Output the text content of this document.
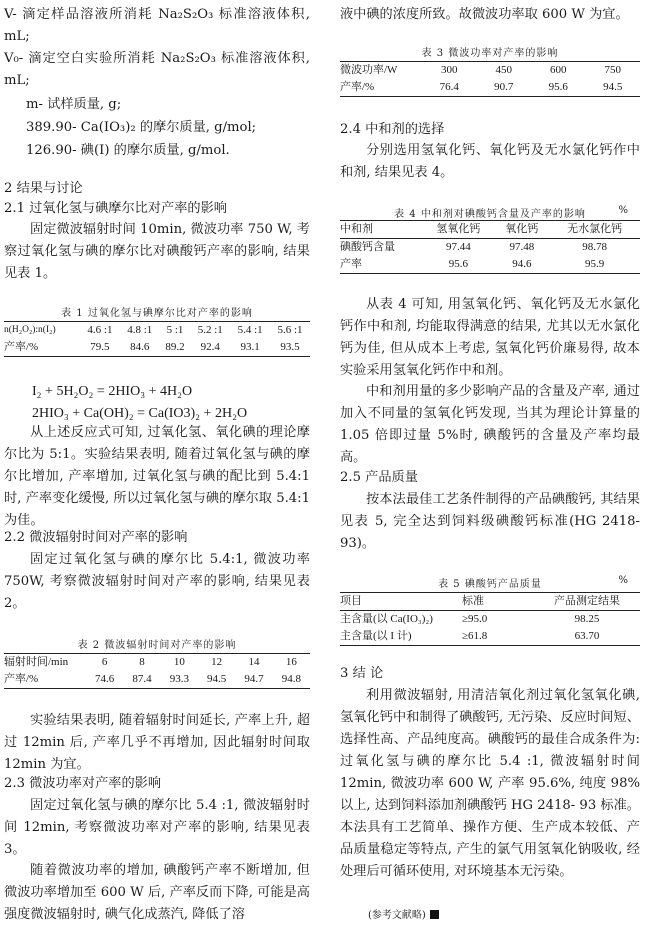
V- 滴定样品溶液所消耗 Na₂S₂O₃ 标准溶液体积, mL;
V₀- 滴定空白实验所消耗 Na₂S₂O₃ 标准溶液体积, mL;
m- 试样质量, g;
389.90- Ca(IO₃)₂ 的摩尔质量, g/mol;
126.90- 碘(I) 的摩尔质量, g/mol.
2 结果与讨论
2.1 过氧化氢与碘摩尔比对产率的影响
固定微波辐射时间 10min, 微波功率 750 W, 考察过氧化氢与碘的摩尔比对碘酸钙产率的影响, 结果见表 1。
表 1 过氧化氢与碘摩尔比对产率的影响
n(H₂O₂):n(I₂)	4.6 :1	4.8 :1	5 :1	5.2 :1	5.4 :1	5.6 :1
产率/%	79.5	84.6	89.2	92.4	93.1	93.5
I₂ + 5H₂O₂ = 2HIO₃ + 4H₂O
2HIO₃ + Ca(OH)₂ = Ca(IO3)₂ + 2H₂O
从上述反应式可知, 过氧化氢、氧化碘的理论摩尔比为 5:1。实验结果表明, 随着过氧化氢与碘的摩尔比增加, 产率增加, 过氧化氢与碘的配比到 5.4:1 时, 产率变化缓慢, 所以过氧化氢与碘的摩尔取 5.4:1 为佳。
2.2 微波辐射时间对产率的影响
固定过氧化氢与碘的摩尔比 5.4:1, 微波功率750W, 考察微波辐射时间对产率的影响, 结果见表 2。
表 2 微波辐射时间对产率的影响
辐射时间/min	6	8	10	12	14	16
产率/%	74.6	87.4	93.3	94.5	94.7	94.8
实验结果表明, 随着辐射时间延长, 产率上升, 超过 12min 后, 产率几乎不再增加, 因此辐射时间取 12min 为宜。
2.3 微波功率对产率的影响
固定过氧化氢与碘的摩尔比 5.4 :1, 微波辐射时间 12min, 考察微波功率对产率的影响, 结果见表 3。
随着微波功率的增加, 碘酸钙产率不断增加, 但微波功率增加至 600 W 后, 产率反而下降, 可能是高强度微波辐射时, 碘气化成蒸汽, 降低了溶
液中碘的浓度所致。故微波功率取 600 W 为宜。
表 3 微波功率对产率的影响
微波功率/W	300	450	600	750
产率/%	76.4	90.7	95.6	94.5
2.4 中和剂的选择
分别选用氢氧化钙、氧化钙及无水氯化钙作中和剂, 结果见表 4。
表 4 中和剂对碘酸钙含量及产率的影响	%
中和剂	氢氧化钙	氧化钙	无水氯化钙
碘酸钙含量	97.44	97.48	98.78
产率	95.6	94.6	95.9
从表 4 可知, 用氢氧化钙、氧化钙及无水氯化钙作中和剂, 均能取得满意的结果, 尤其以无水氯化钙为佳, 但从成本上考虑, 氢氧化钙价廉易得, 故本实验采用氢氧化钙作中和剂。
中和剂用量的多少影响产品的含量及产率, 通过加入不同量的氢氧化钙发现, 当其为理论计算量的 1.05 倍即过量 5%时, 碘酸钙的含量及产率均最高。
2.5 产品质量
按本法最佳工艺条件制得的产品碘酸钙, 其结果见表 5, 完全达到饲料级碘酸钙标准(HG 2418- 93)。
表 5 碘酸钙产品质量	%
项目	标准	产品测定结果
主含量(以 Ca(IO₃)₂)	≥95.0	98.25
主含量(以 I 计)	≥61.8	63.70
3 结 论
利用微波辐射, 用清洁氧化剂过氧化氢氧化碘, 氢氧化钙中和制得了碘酸钙, 无污染、反应时间短、选择性高、产品纯度高。碘酸钙的最佳合成条件为: 过氧化氢与碘的摩尔比 5.4 :1, 微波辐射时间 12min, 微波功率 600 W, 产率 95.6%, 纯度 98% 以上, 达到饲料添加剂碘酸钙 HG 2418- 93 标准。本法具有工艺简单、操作方便、生产成本较低、产品质量稳定等特点, 产生的氯气用氢氧化钠吸收, 经处理后可循环使用, 对环境基本无污染。
(参考文献略)
